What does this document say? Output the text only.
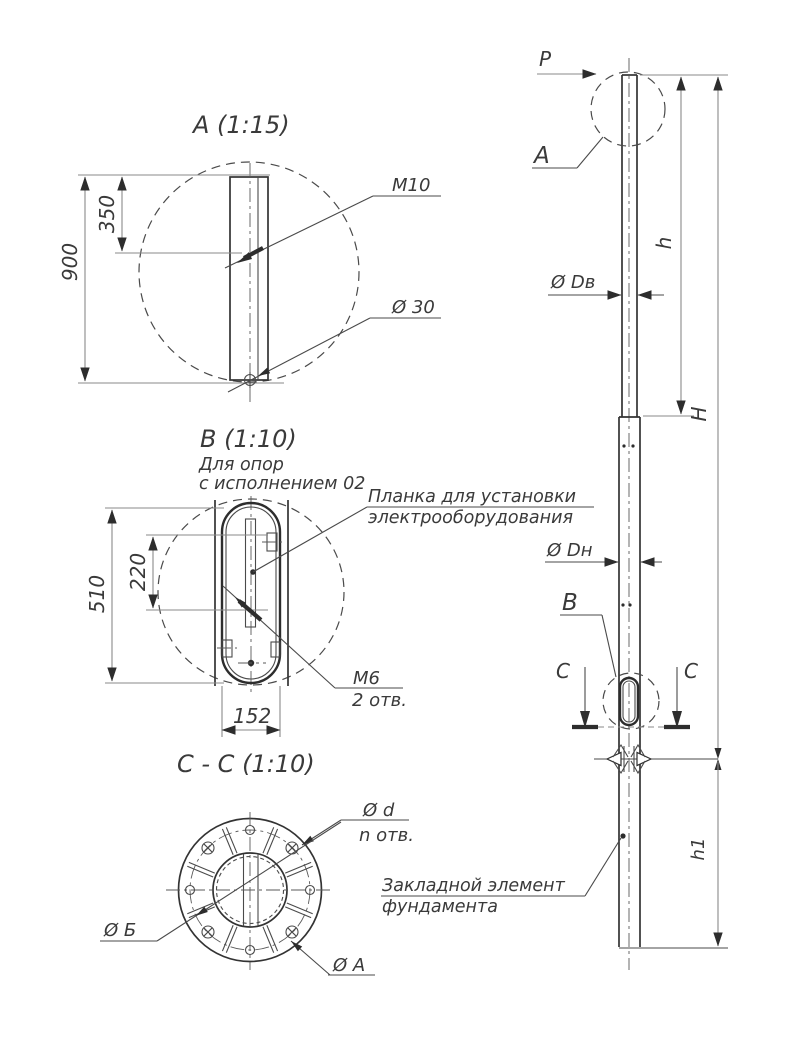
А (1:15)
900
350
М10
Ø 30
В (1:10)
Для опор
с исполнением 02
510
220
152
Планка для установки
электрооборудования
М6
2 отв.
С - С (1:10)
Ø d
n отв.
Ø Б
Ø А
Р
А
В
С	С
Ø Dв
Ø Dн
h
H
h1
Закладной элемент
фундамента
